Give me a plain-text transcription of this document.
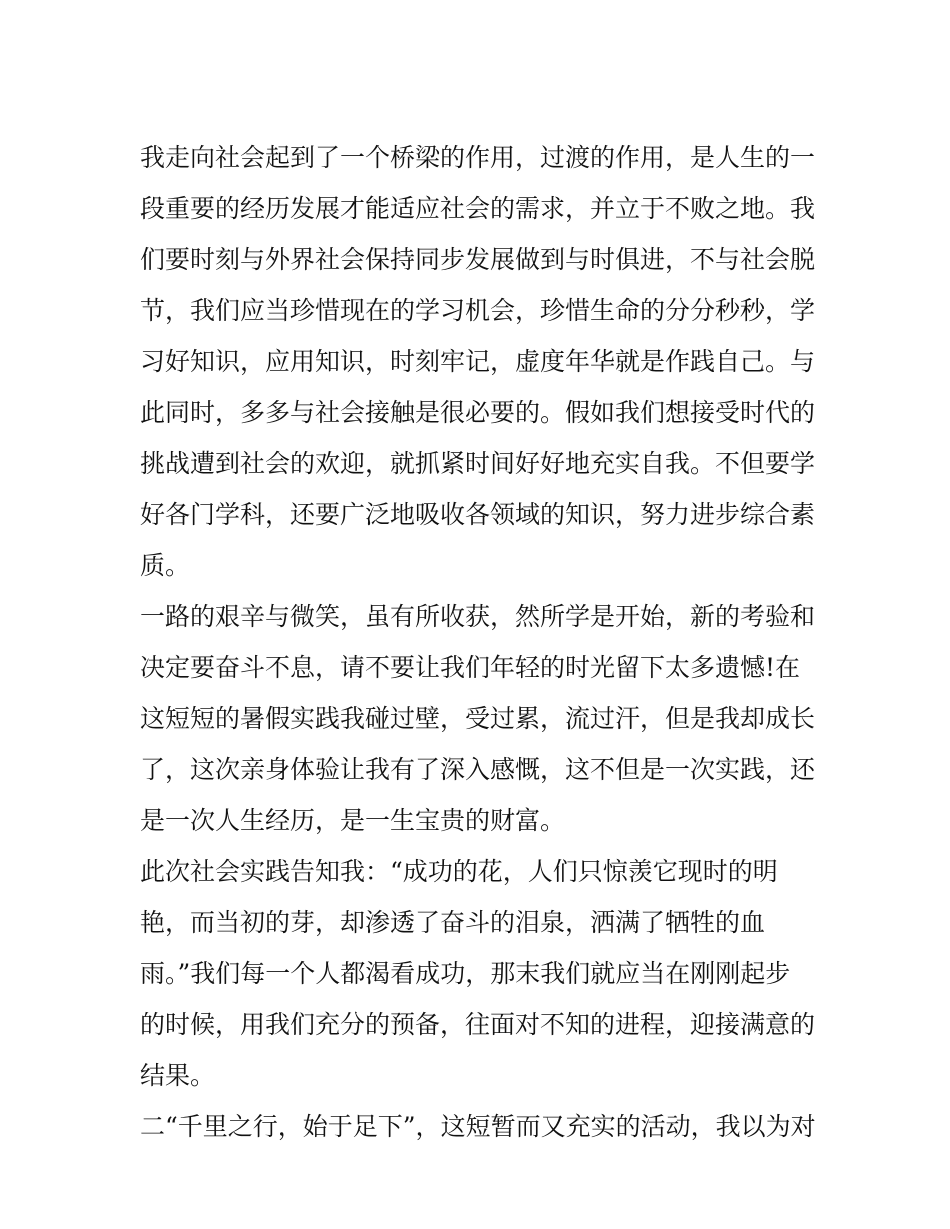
我走向社会起到了一个桥梁的作用，过渡的作用，是人生的一
段重要的经历发展才能适应社会的需求，并立于不败之地。我
们要时刻与外界社会保持同步发展做到与时俱进，不与社会脱
节，我们应当珍惜现在的学习机会，珍惜生命的分分秒秒，学
习好知识，应用知识，时刻牢记，虚度年华就是作践自己。与
此同时，多多与社会接触是很必要的。假如我们想接受时代的
挑战遭到社会的欢迎，就抓紧时间好好地充实自我。不但要学
好各门学科，还要广泛地吸收各领域的知识，努力进步综合素
质。
一路的艰辛与微笑，虽有所收获，然所学是开始，新的考验和
决定要奋斗不息，请不要让我们年轻的时光留下太多遗憾!在
这短短的暑假实践我碰过壁，受过累，流过汗，但是我却成长
了，这次亲身体验让我有了深入感慨，这不但是一次实践，还
是一次人生经历，是一生宝贵的财富。
此次社会实践告知我：“成功的花，人们只惊羡它现时的明
艳，而当初的芽，却渗透了奋斗的泪泉，洒满了牺牲的血
雨。”我们每一个人都渴看成功，那末我们就应当在刚刚起步
的时候，用我们充分的预备，往面对不知的进程，迎接满意的
结果。
二“千里之行，始于足下”，这短暂而又充实的活动，我以为对
